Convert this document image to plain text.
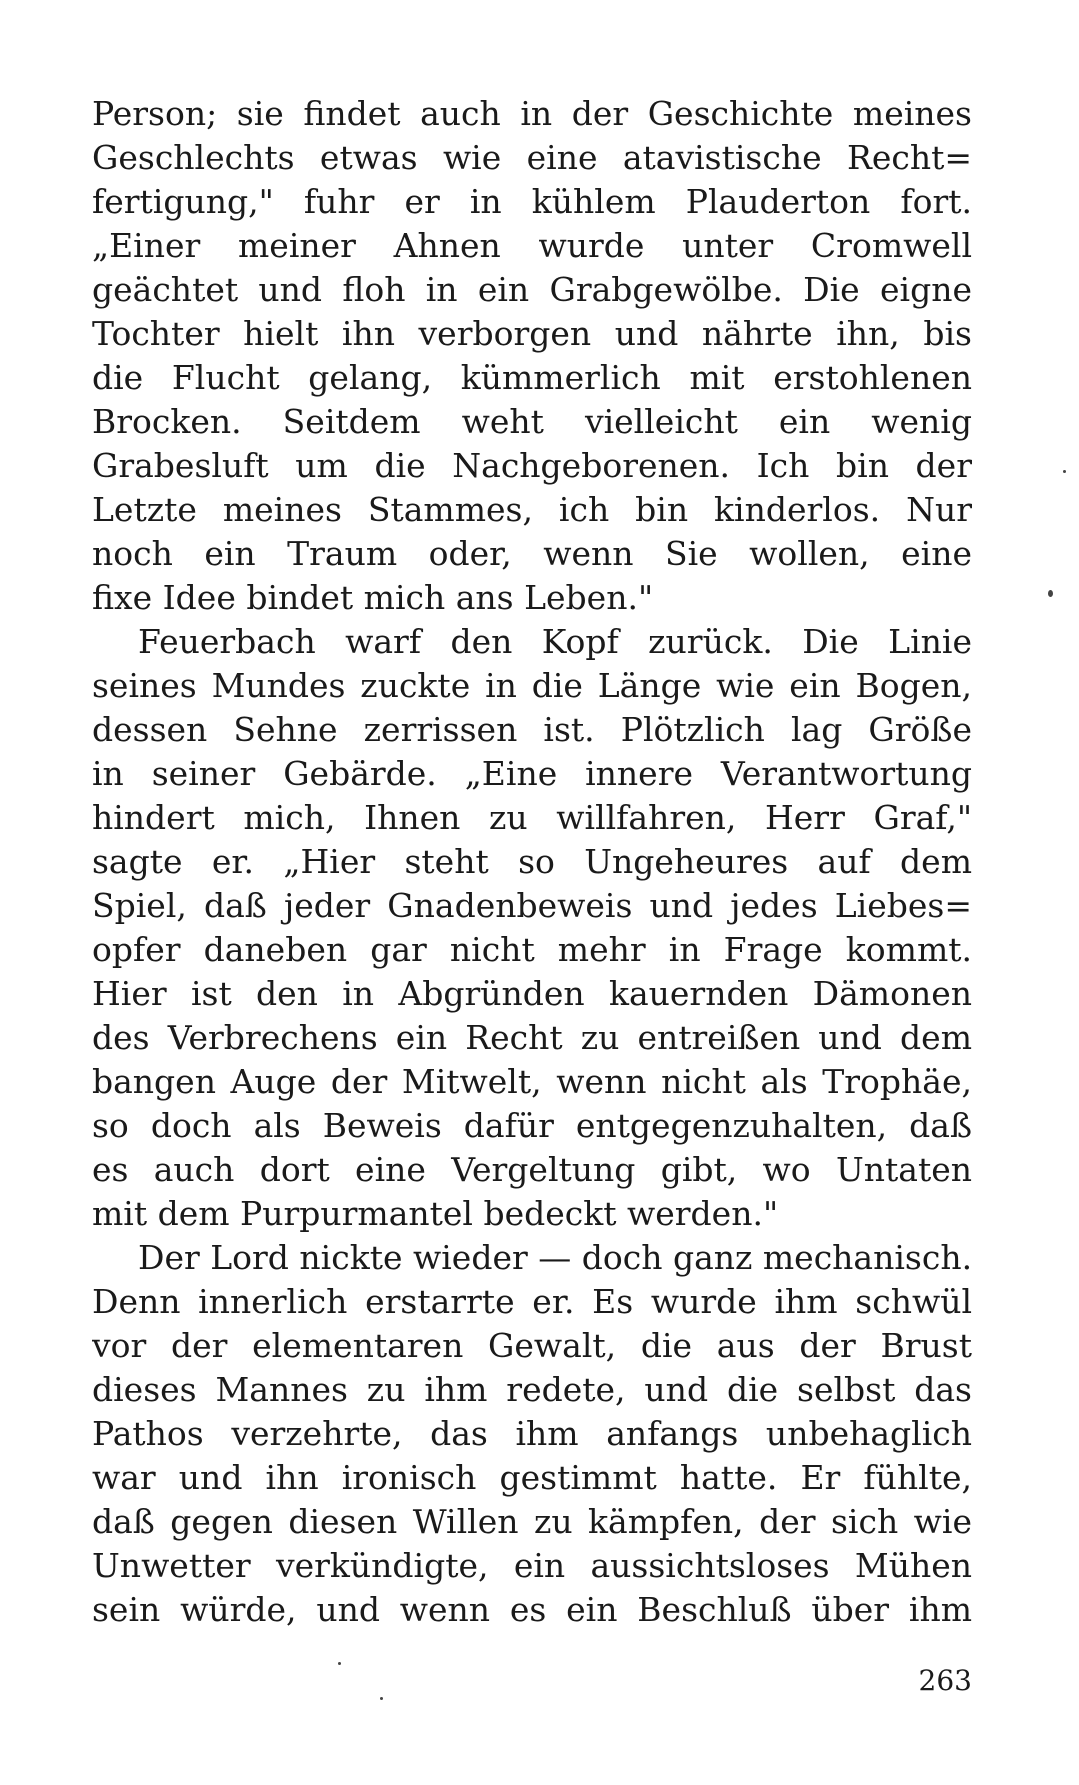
Person; sie findet auch in der Geschichte meines
Geschlechts etwas wie eine atavistische Recht=
fertigung," fuhr er in kühlem Plauderton fort.
„Einer meiner Ahnen wurde unter Cromwell
geächtet und floh in ein Grabgewölbe. Die eigne
Tochter hielt ihn verborgen und nährte ihn, bis
die Flucht gelang, kümmerlich mit erstohlenen
Brocken. Seitdem weht vielleicht ein wenig
Grabesluft um die Nachgeborenen. Ich bin der
Letzte meines Stammes, ich bin kinderlos. Nur
noch ein Traum oder, wenn Sie wollen, eine
fixe Idee bindet mich ans Leben."
Feuerbach warf den Kopf zurück. Die Linie
seines Mundes zuckte in die Länge wie ein Bogen,
dessen Sehne zerrissen ist. Plötzlich lag Größe
in seiner Gebärde. „Eine innere Verantwortung
hindert mich, Ihnen zu willfahren, Herr Graf,"
sagte er. „Hier steht so Ungeheures auf dem
Spiel, daß jeder Gnadenbeweis und jedes Liebes=
opfer daneben gar nicht mehr in Frage kommt.
Hier ist den in Abgründen kauernden Dämonen
des Verbrechens ein Recht zu entreißen und dem
bangen Auge der Mitwelt, wenn nicht als Trophäe,
so doch als Beweis dafür entgegenzuhalten, daß
es auch dort eine Vergeltung gibt, wo Untaten
mit dem Purpurmantel bedeckt werden."
Der Lord nickte wieder — doch ganz mechanisch.
Denn innerlich erstarrte er. Es wurde ihm schwül
vor der elementaren Gewalt, die aus der Brust
dieses Mannes zu ihm redete, und die selbst das
Pathos verzehrte, das ihm anfangs unbehaglich
war und ihn ironisch gestimmt hatte. Er fühlte,
daß gegen diesen Willen zu kämpfen, der sich wie
Unwetter verkündigte, ein aussichtsloses Mühen
sein würde, und wenn es ein Beschluß über ihm
263
